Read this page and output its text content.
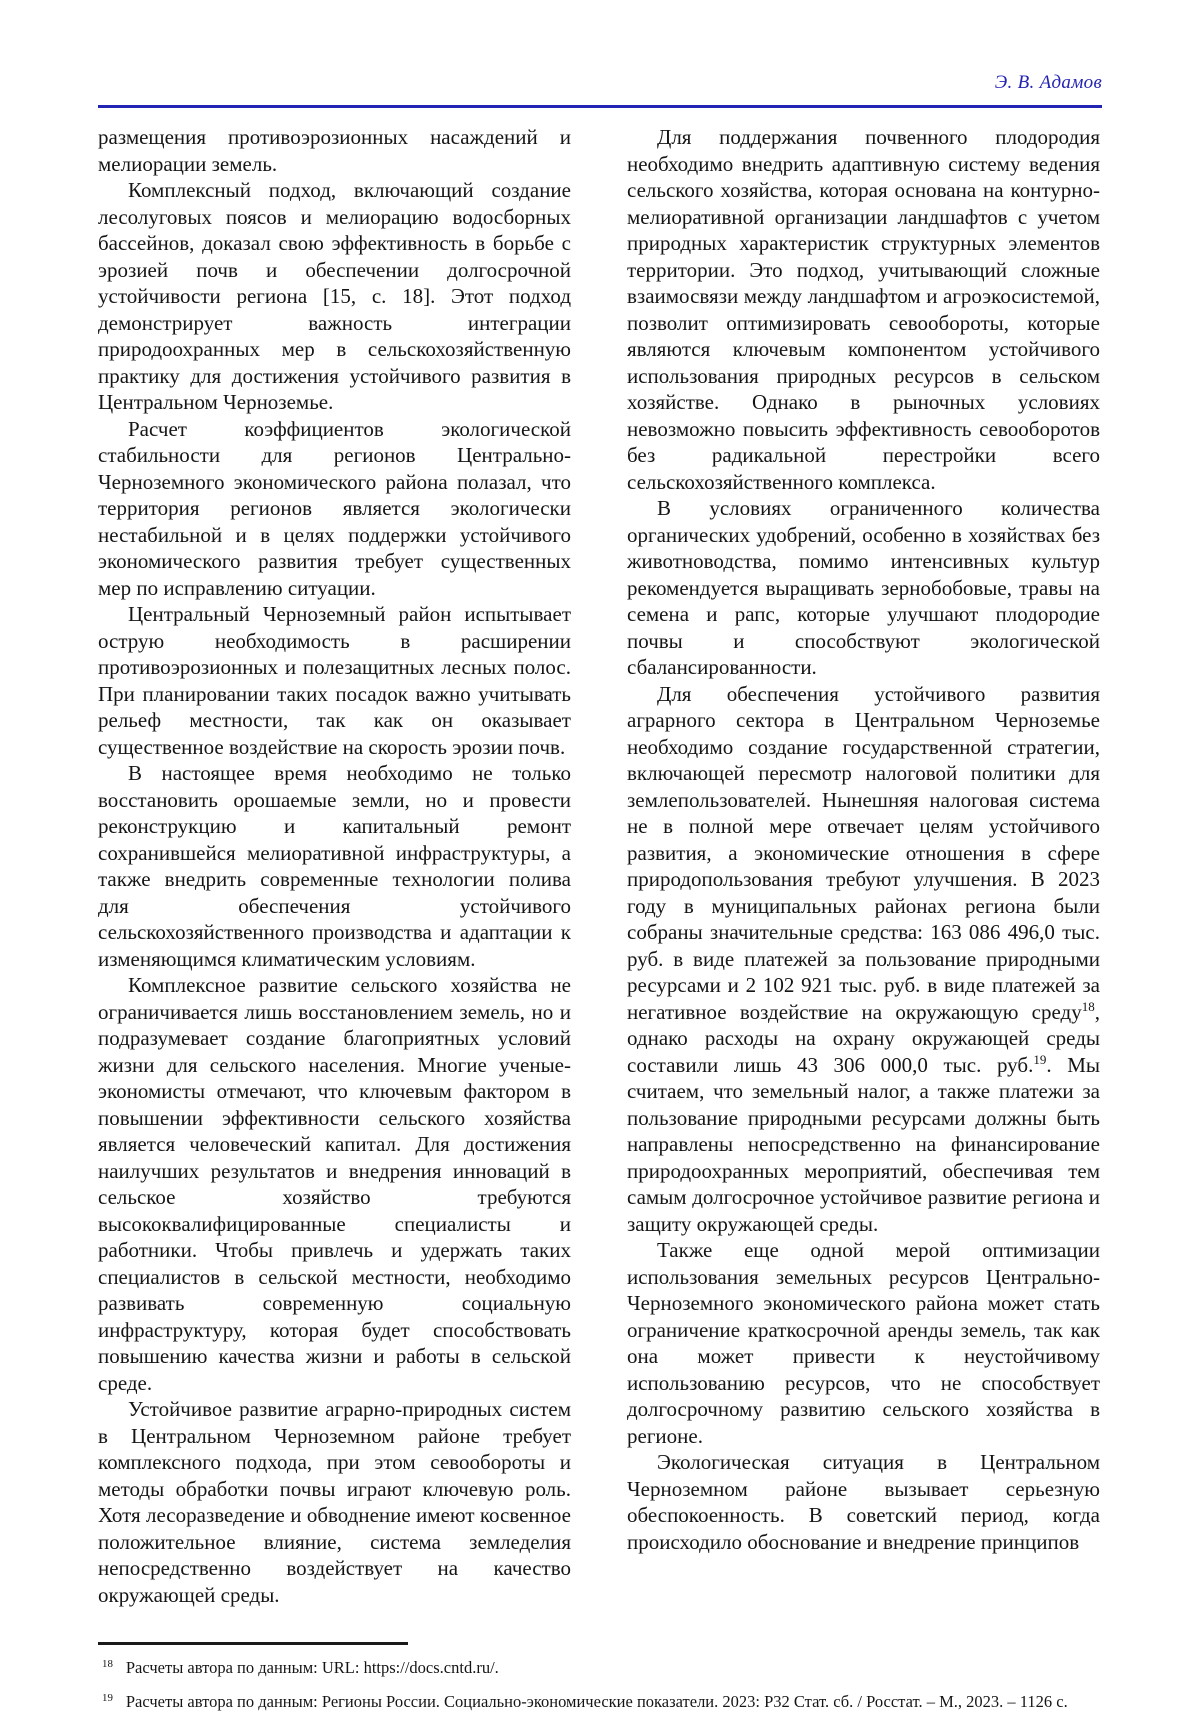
Э. В. Адамов

размещения противоэрозионных насаждений и мелиорации земель.

Комплексный подход, включающий создание лесолуговых поясов и мелиорацию водосборных бассейнов, доказал свою эффективность в борьбе с эрозией почв и обеспечении долгосрочной устойчивости региона [15, с. 18]. Этот подход демонстрирует важность интеграции природоохранных мер в сельскохозяйственную практику для достижения устойчивого развития в Центральном Черноземье.

Расчет коэффициентов экологической стабильности для регионов Центрально-Черноземного экономического района полазал, что территория регионов является экологически нестабильной и в целях поддержки устойчивого экономического развития требует существенных мер по исправлению ситуации.

Центральный Черноземный район испытывает острую необходимость в расширении противоэрозионных и полезащитных лесных полос. При планировании таких посадок важно учитывать рельеф местности, так как он оказывает существенное воздействие на скорость эрозии почв.

В настоящее время необходимо не только восстановить орошаемые земли, но и провести реконструкцию и капитальный ремонт сохранившейся мелиоративной инфраструктуры, а также внедрить современные технологии полива для обеспечения устойчивого сельскохозяйственного производства и адаптации к изменяющимся климатическим условиям.

Комплексное развитие сельского хозяйства не ограничивается лишь восстановлением земель, но и подразумевает создание благоприятных условий жизни для сельского населения. Многие ученые-экономисты отмечают, что ключевым фактором в повышении эффективности сельского хозяйства является человеческий капитал. Для достижения наилучших результатов и внедрения инноваций в сельское хозяйство требуются высококвалифицированные специалисты и работники. Чтобы привлечь и удержать таких специалистов в сельской местности, необходимо развивать современную социальную инфраструктуру, которая будет способствовать повышению качества жизни и работы в сельской среде.

Устойчивое развитие аграрно-природных систем в Центральном Черноземном районе требует комплексного подхода, при этом севообороты и методы обработки почвы играют ключевую роль. Хотя лесоразведение и обводнение имеют косвенное положительное влияние, система земледелия непосредственно воздействует на качество окружающей среды.

Для поддержания почвенного плодородия необходимо внедрить адаптивную систему ведения сельского хозяйства, которая основана на контурно-мелиоративной организации ландшафтов с учетом природных характеристик структурных элементов территории. Это подход, учитывающий сложные взаимосвязи между ландшафтом и агроэкосистемой, позволит оптимизировать севообороты, которые являются ключевым компонентом устойчивого использования природных ресурсов в сельском хозяйстве. Однако в рыночных условиях невозможно повысить эффективность севооборотов без радикальной перестройки всего сельскохозяйственного комплекса.

В условиях ограниченного количества органических удобрений, особенно в хозяйствах без животноводства, помимо интенсивных культур рекомендуется выращивать зернобобовые, травы на семена и рапс, которые улучшают плодородие почвы и способствуют экологической сбалансированности.

Для обеспечения устойчивого развития аграрного сектора в Центральном Черноземье необходимо создание государственной стратегии, включающей пересмотр налоговой политики для землепользователей. Нынешняя налоговая система не в полной мере отвечает целям устойчивого развития, а экономические отношения в сфере природопользования требуют улучшения. В 2023 году в муниципальных районах региона были собраны значительные средства: 163 086 496,0 тыс. руб. в виде платежей за пользование природными ресурсами и 2 102 921 тыс. руб. в виде платежей за негативное воздействие на окружающую среду$^{18}$, однако расходы на охрану окружающей среды составили лишь 43 306 000,0 тыс. руб.$^{19}$. Мы считаем, что земельный налог, а также платежи за пользование природными ресурсами должны быть направлены непосредственно на финансирование природоохранных мероприятий, обеспечивая тем самым долгосрочное устойчивое развитие региона и защиту окружающей среды.

Также еще одной мерой оптимизации использования земельных ресурсов Центрально-Черноземного экономического района может стать ограничение краткосрочной аренды земель, так как она может привести к неустойчивому использованию ресурсов, что не способствует долгосрочному развитию сельского хозяйства в регионе.

Экологическая ситуация в Центральном Черноземном районе вызывает серьезную обеспокоенность. В советский период, когда происходило обоснование и внедрение принципов

$^{18}$ Расчеты автора по данным: URL: https://docs.cntd.ru/.

$^{19}$ Расчеты автора по данным: Регионы России. Социально-экономические показатели. 2023: Р32 Стат. сб. / Росстат. – М., 2023. – 1126 с.
